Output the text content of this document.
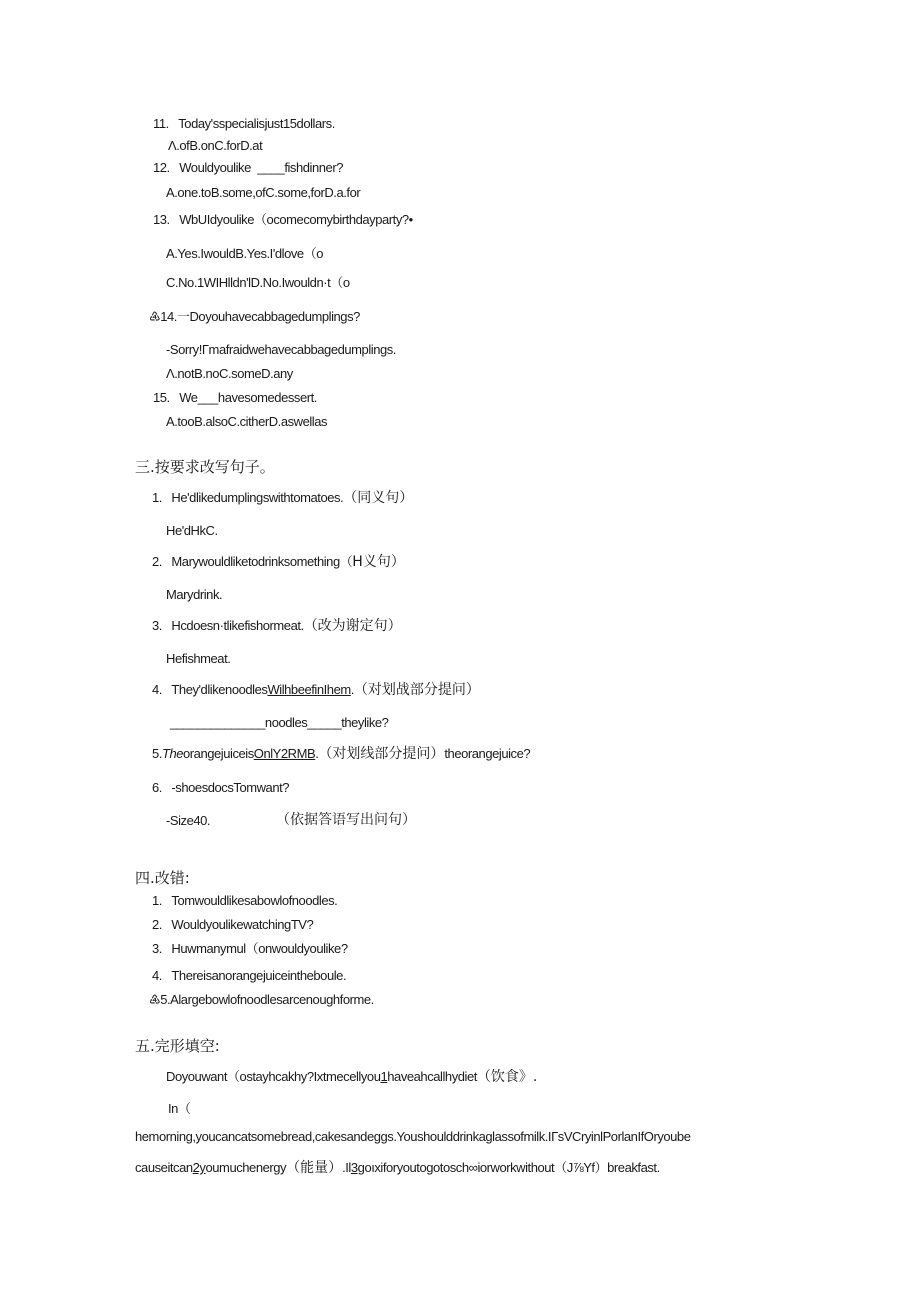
11.   Today'sspecialisjust15dollars.
Λ.ofB.onC.forD.at
12.   Wouldyoulike  ____fishdinner?
A.one.toB.some,ofC.some,forD.a.for
13.   WbUIdyoulike（ocomecomybirthdayparty?•
A.Yes.IwouldB.Yes.I'dlove（o
C.No.1WIHlldn'lD.No.Iwouldn·t（o
♶14.一Doyouhavecabbagedumplings?
-Sorry!Γmafraidwehavecabbagedumplings.
Λ.notB.noC.someD.any
15.   We___havesomedessert.
A.tooB.alsoC.citherD.aswellas
三.按要求改写句子。
1.   He'dlikedumplingswithtomatoes.（同义句）
He'dHkC.
2.   Marywouldliketodrinksomething（H义句）
Marydrink.
3.   Hcdoesn·tlikefishormeat.（改为谢定句）
Hefishmeat.
4.   They'dlikenoodlesWilhbeefinIhem.（对划战部分提问）
______________noodles_____theylike?
5.TheorangejuiceisOnlY2RMB.（对划线部分提问）theorangejuice?
6.   -shoesdocsTomwant?
-Size40.	（依据答语写出问句）
四.改错:
1.   Tomwouldlikesabowlofnoodles.
2.   WouldyoulikewatchingTV?
3.   Huwmanymul（onwouldyoulike?
4.   Thereisanorangejuiceintheboule.
♶5.Alargebowlofnoodlesarcenoughforme.
五.完形填空:
Doyouwant（ostayhcakhy?Ixtmecellyou1haveahcallhydiet（饮食》.
In（
hemorning,youcancatsomebread,cakesandeggs.Youshoulddrinkaglassofmilk.IΓsVCryinlPorlanIfOryoube
causeitcan2youmuchenergy（能量）.Il3goıxiforyoutogotosch∞iorworkwithout（J⅞Yf）breakfast.
